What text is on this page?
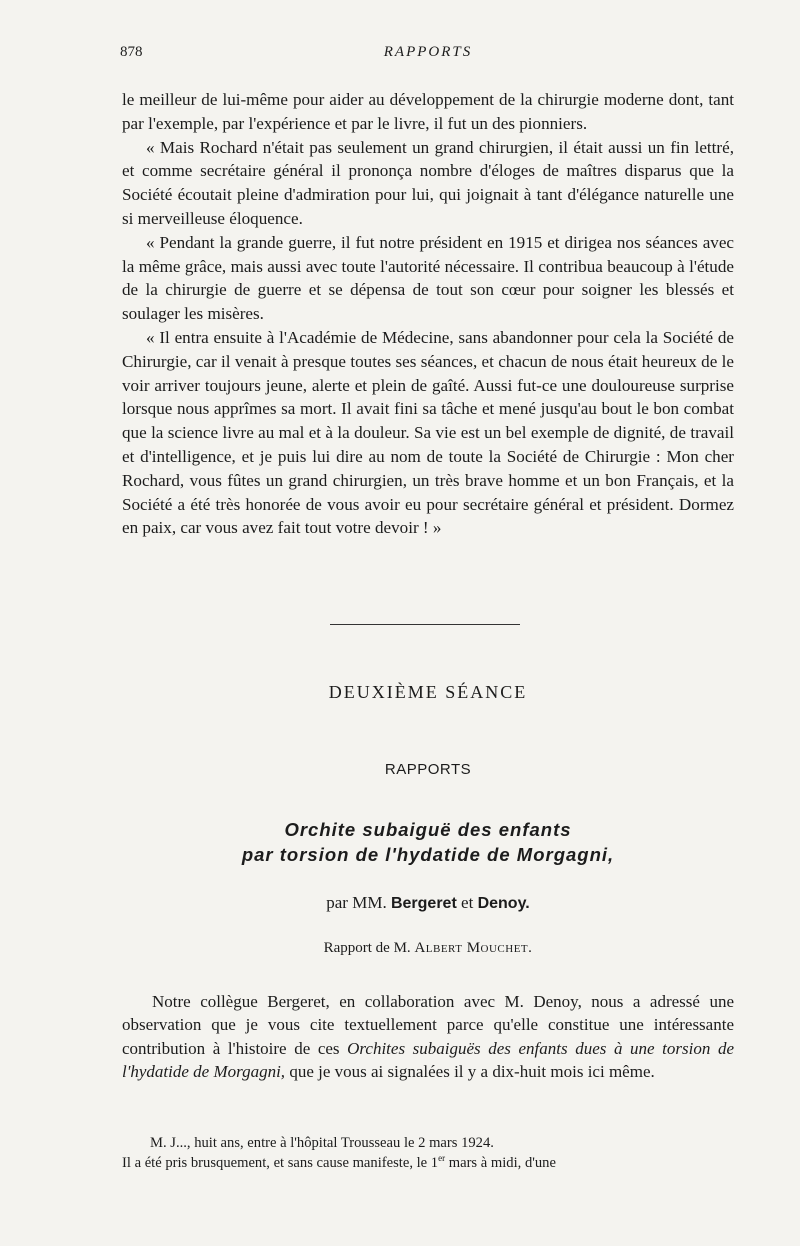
878	RAPPORTS

le meilleur de lui-même pour aider au développement de la chirurgie moderne dont, tant par l'exemple, par l'expérience et par le livre, il fut un des pionniers.

« Mais Rochard n'était pas seulement un grand chirurgien, il était aussi un fin lettré, et comme secrétaire général il prononça nombre d'éloges de maîtres disparus que la Société écoutait pleine d'admiration pour lui, qui joignait à tant d'élégance naturelle une si merveilleuse éloquence.

« Pendant la grande guerre, il fut notre président en 1915 et dirigea nos séances avec la même grâce, mais aussi avec toute l'autorité nécessaire. Il contribua beaucoup à l'étude de la chirurgie de guerre et se dépensa de tout son cœur pour soigner les blessés et soulager les misères.

« Il entra ensuite à l'Académie de Médecine, sans abandonner pour cela la Société de Chirurgie, car il venait à presque toutes ses séances, et chacun de nous était heureux de le voir arriver toujours jeune, alerte et plein de gaîté. Aussi fut-ce une douloureuse surprise lorsque nous apprîmes sa mort. Il avait fini sa tâche et mené jusqu'au bout le bon combat que la science livre au mal et à la douleur. Sa vie est un bel exemple de dignité, de travail et d'intelligence, et je puis lui dire au nom de toute la Société de Chirurgie : Mon cher Rochard, vous fûtes un grand chirurgien, un très brave homme et un bon Français, et la Société a été très honorée de vous avoir eu pour secrétaire général et président. Dormez en paix, car vous avez fait tout votre devoir ! »

DEUXIÈME SÉANCE
RAPPORTS
Orchite subaiguë des enfants
par torsion de l'hydatide de Morgagni,
par MM. Bergeret et Denoy.
Rapport de M. Albert Mouchet.

Notre collègue Bergeret, en collaboration avec M. Denoy, nous a adressé une observation que je vous cite textuellement parce qu'elle constitue une intéressante contribution à l'histoire de ces Orchites subaiguës des enfants dues à une torsion de l'hydatide de Morgagni, que je vous ai signalées il y a dix-huit mois ici même.

M. J..., huit ans, entre à l'hôpital Trousseau le 2 mars 1924.

Il a été pris brusquement, et sans cause manifeste, le 1er mars à midi, d'une
